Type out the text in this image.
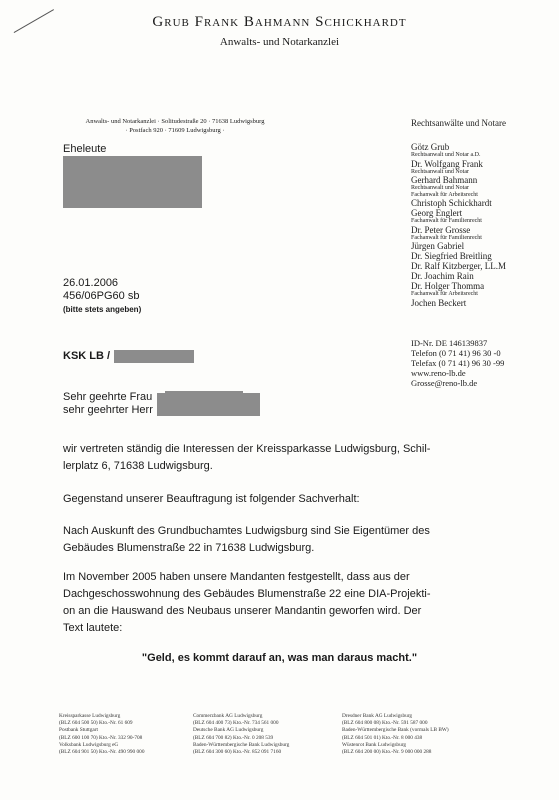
Grub Frank Bahmann Schickhardt
Anwalts- und Notarkanzlei
Anwalts- und Notarkanzlei · Solitudestraße 20 · 71638 Ludwigsburg
· Postfach 920 · 71609 Ludwigsburg ·
Eheleute
26.01.2006
456/06PG60 sb
(bitte stets angeben)
Rechtsanwälte und Notare
Götz Grub
Rechtsanwalt und Notar a.D.
Dr. Wolfgang Frank
Rechtsanwalt und Notar
Gerhard Bahmann
Rechtsanwalt und Notar
Fachanwalt für Arbeitsrecht
Christoph Schickhardt
Georg Englert
Fachanwalt für Familienrecht
Dr. Peter Grosse
Fachanwalt für Familienrecht
Jürgen Gabriel
Dr. Siegfried Breitling
Dr. Ralf Kitzberger, LL.M
Dr. Joachim Rain
Dr. Holger Thomma
Fachanwalt für Arbeitsrecht
Jochen Beckert
ID-Nr. DE 146139837
Telefon (0 71 41) 96 30 -0
Telefax (0 71 41) 96 30 -99
www.reno-lb.de
Grosse@reno-lb.de
KSK LB /
Sehr geehrte Frau
sehr geehrter Herr
wir vertreten ständig die Interessen der Kreissparkasse Ludwigsburg, Schil-
lerplatz 6, 71638 Ludwigsburg.
Gegenstand unserer Beauftragung ist folgender Sachverhalt:
Nach Auskunft des Grundbuchamtes Ludwigsburg sind Sie Eigentümer des
Gebäudes Blumenstraße 22 in 71638 Ludwigsburg.
Im November 2005 haben unsere Mandanten festgestellt, dass aus der
Dachgeschosswohnung des Gebäudes Blumenstraße 22 eine DIA-Projekti-
on an die Hauswand des Neubaus unserer Mandantin geworfen wird. Der
Text lautete:
"Geld, es kommt darauf an, was man daraus macht."
Kreissparkasse Ludwigsburg
(BLZ 604 500 50) Kto.-Nr. 61 609
Postbank Stuttgart
(BLZ 600 100 70) Kto.-Nr. 332 90-708
Volksbank Ludwigsburg eG
(BLZ 604 901 50) Kto.-Nr. 490 990 000
Commerzbank AG Ludwigsburg
(BLZ 604 400 73) Kto.-Nr. 734 561 000
Deutsche Bank AG Ludwigsburg
(BLZ 604 700 82) Kto.-Nr. 0 208 539
Baden-Württembergische Bank Ludwigsburg
(BLZ 604 300 60) Kto.-Nr. 852 091 7160
Dresdner Bank AG Ludwigsburg
(BLZ 604 800 08) Kto.-Nr. 591 587 000
Baden-Württembergische Bank (vormals LB BW)
(BLZ 604 501 01) Kto.-Nr. 8 000 438
Wüstenrot Bank Ludwigsburg
(BLZ 604 200 00) Kto.-Nr. 9 000 000 288
